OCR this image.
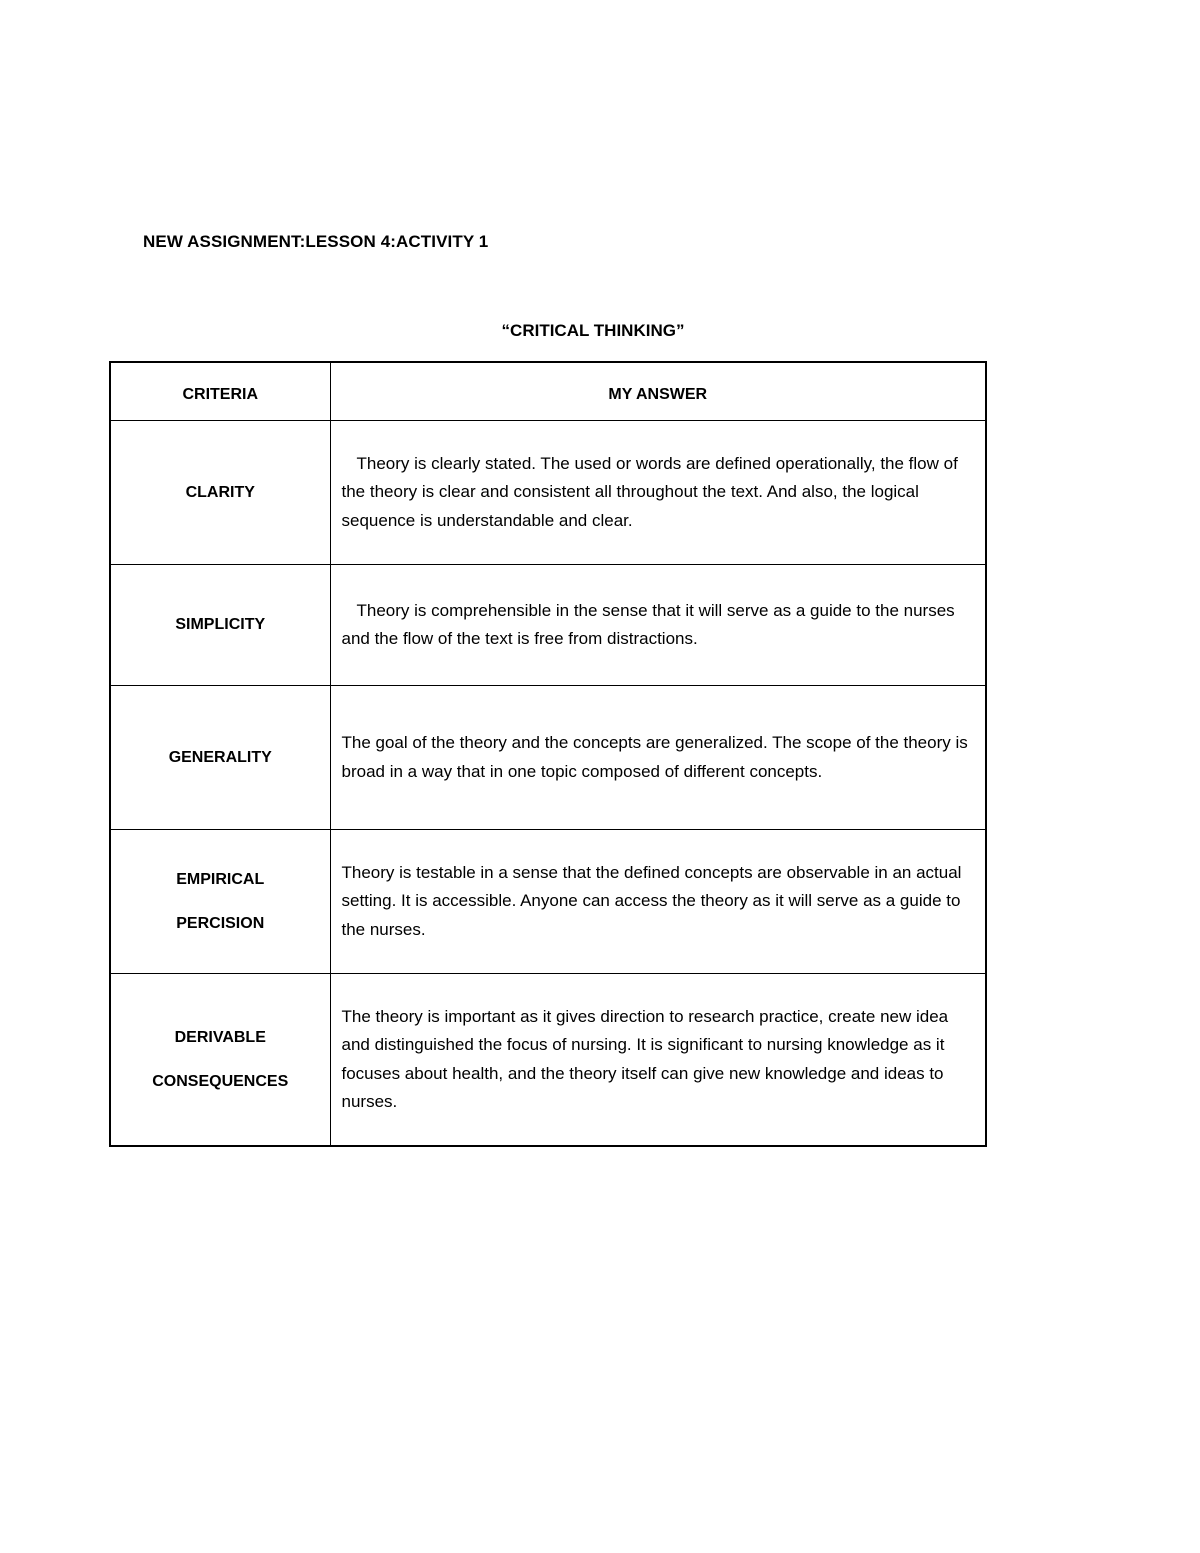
NEW ASSIGNMENT:LESSON 4:ACTIVITY 1
“CRITICAL THINKING”
CRITERIA	MY ANSWER

CLARITY	Theory is clearly stated. The used or words are defined operationally, the flow of the theory is clear and consistent all throughout the text. And also, the logical sequence is understandable and clear.

SIMPLICITY	Theory is comprehensible in the sense that it will serve as a guide to the nurses and the flow of the text is free from distractions.

GENERALITY	The goal of the theory and the concepts are generalized. The scope of the theory is broad in a way that in one topic composed of different concepts.

EMPIRICAL
PERCISION	Theory is testable in a sense that the defined concepts are observable in an actual setting. It is accessible. Anyone can access the theory as it will serve as a guide to the nurses.

DERIVABLE
CONSEQUENCES	The theory is important as it gives direction to research practice, create new idea and distinguished the focus of nursing. It is significant to nursing knowledge as it focuses about health, and the theory itself can give new knowledge and ideas to nurses.
